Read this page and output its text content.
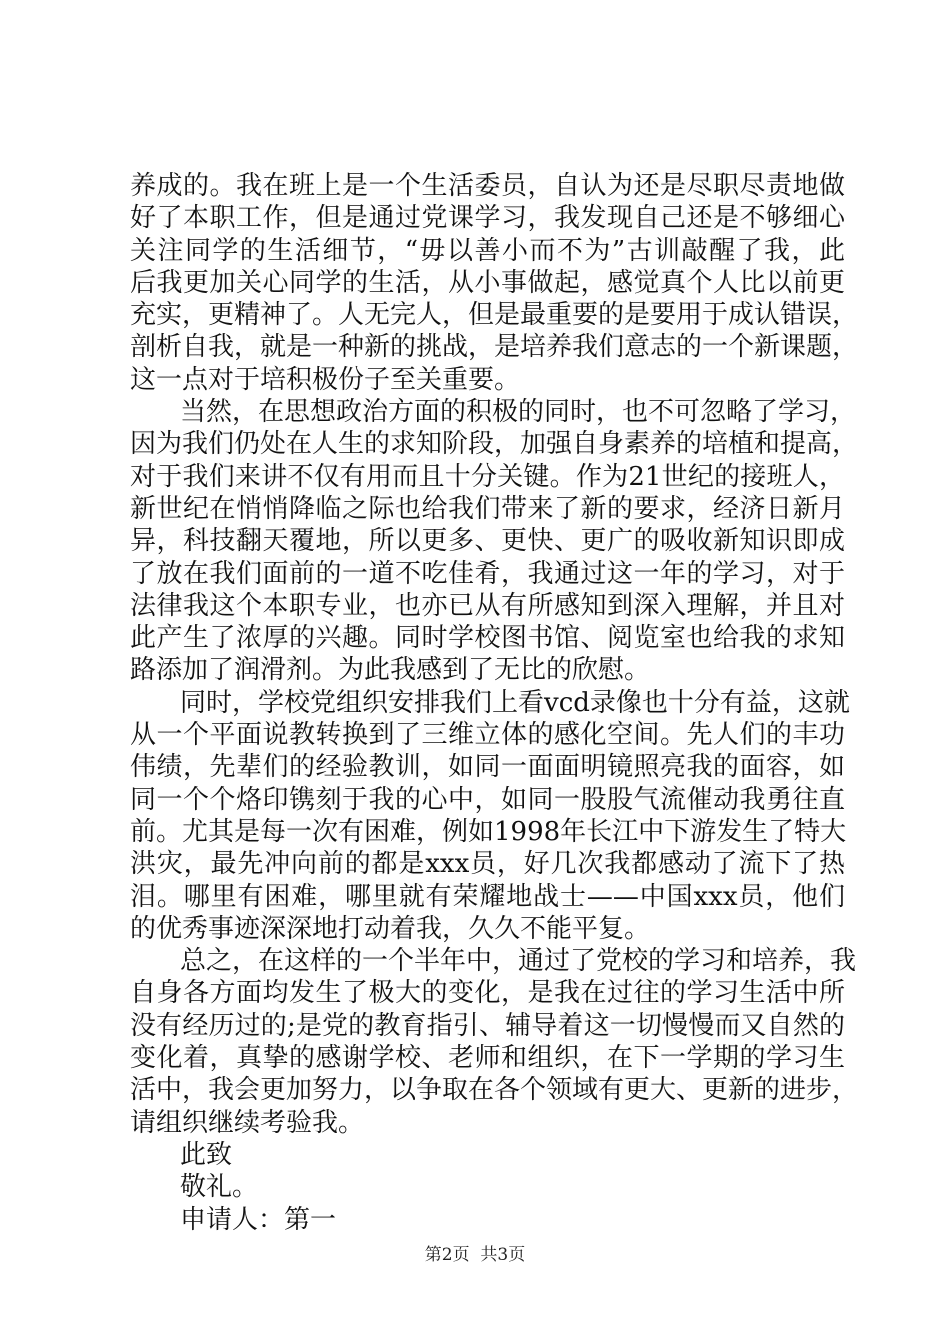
养成的。我在班上是一个生活委员，自认为还是尽职尽责地做
好了本职工作，但是通过党课学习，我发现自己还是不够细心
关注同学的生活细节，“毋以善小而不为”古训敲醒了我，此
后我更加关心同学的生活，从小事做起，感觉真个人比以前更
充实，更精神了。人无完人，但是最重要的是要用于成认错误，
剖析自我，就是一种新的挑战，是培养我们意志的一个新课题，
这一点对于培积极份子至关重要。

当然，在思想政治方面的积极的同时，也不可忽略了学习，
因为我们仍处在人生的求知阶段，加强自身素养的培植和提高，
对于我们来讲不仅有用而且十分关键。作为21世纪的接班人，
新世纪在悄悄降临之际也给我们带来了新的要求，经济日新月
异，科技翻天覆地，所以更多、更快、更广的吸收新知识即成
了放在我们面前的一道不吃佳肴，我通过这一年的学习，对于
法律我这个本职专业，也亦已从有所感知到深入理解，并且对
此产生了浓厚的兴趣。同时学校图书馆、阅览室也给我的求知
路添加了润滑剂。为此我感到了无比的欣慰。

同时，学校党组织安排我们上看vcd录像也十分有益，这就
从一个平面说教转换到了三维立体的感化空间。先人们的丰功
伟绩，先辈们的经验教训，如同一面面明镜照亮我的面容，如
同一个个烙印镌刻于我的心中，如同一股股气流催动我勇往直
前。尤其是每一次有困难，例如1998年长江中下游发生了特大
洪灾，最先冲向前的都是xxx员，好几次我都感动了流下了热
泪。哪里有困难，哪里就有荣耀地战士——中国xxx员，他们
的优秀事迹深深地打动着我，久久不能平复。

总之，在这样的一个半年中，通过了党校的学习和培养，我
自身各方面均发生了极大的变化，是我在过往的学习生活中所
没有经历过的;是党的教育指引、辅导着这一切慢慢而又自然的
变化着，真挚的感谢学校、老师和组织，在下一学期的学习生
活中，我会更加努力，以争取在各个领域有更大、更新的进步，
请组织继续考验我。

此致
敬礼。
申请人：第一
第2页  共3页
